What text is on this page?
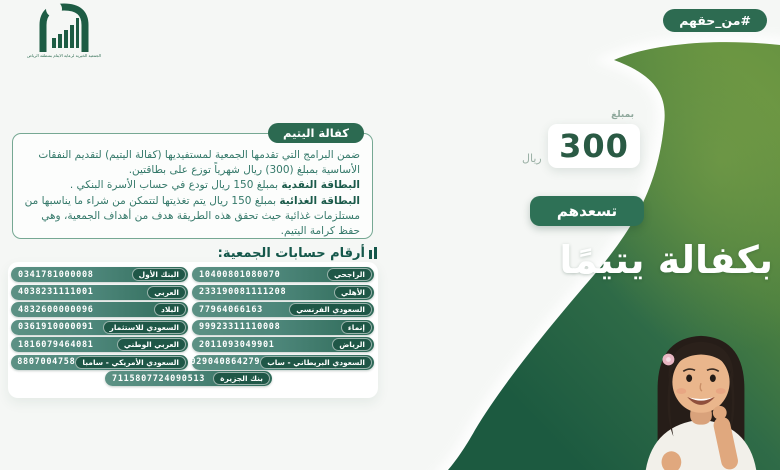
الجمعية الخيرية لرعاية الأيتام بمنطقة الرياض
#من_حقهم
كفالة اليتيم

ضمن البرامج التي تقدمها الجمعية لمستفيديها (كفالة اليتيم) لتقديم النفقات الأساسية بمبلغ (300) ريال شهرياً توزع على بطاقتين.

البطاقة النقدية بمبلغ 150 ريال تودع في حساب الأسرة البنكي .

البطاقة الغذائية بمبلغ 150 ريال يتم تغذيتها لتتمكن من شراء ما يناسبها من مستلزمات غذائية حيث تحقق هذه الطريقة هدف من أهداف الجمعية، وهي حفظ كرامة اليتيم.

أرقام حسابات الجمعية:
الراجحي
10400801080070
الأهلي
233190081111208
السعودي الفرنسي
77964066163
إنماء
99923311110008
الرياض
2011093049901
السعودي البريطاني - ساب
029040864279
البنك الأول
0341781000008
العربي
4038231111001
البلاد
4832600000096
السعودي للاستثمار
0361910000091
العربي الوطني
1816079464081
السعودي الأمريكي - سامبا
8807004758
بنك الجزيرة
7115807724090513
بمبلغ
300
ريال
تسعدهم
بكفالة يتيمًا
